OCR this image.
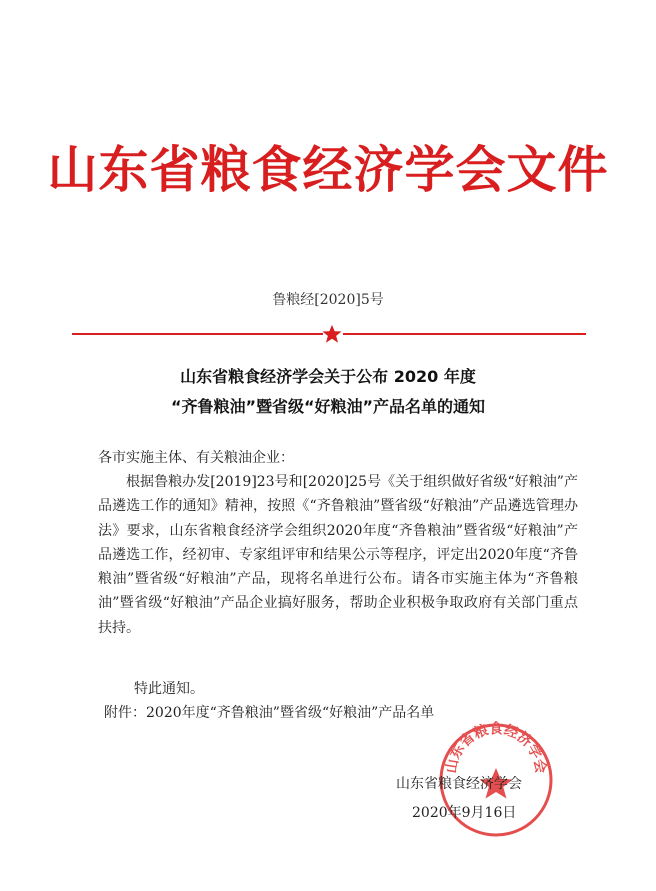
山东省粮食经济学会文件
鲁粮经[2020]5号
山东省粮食经济学会关于公布 2020 年度
“齐鲁粮油”暨省级“好粮油”产品名单的通知
各市实施主体、有关粮油企业：
根据鲁粮办发[2019]23号和[2020]25号《关于组织做好省级“好粮油”产品遴选工作的通知》精神，按照《“齐鲁粮油”暨省级“好粮油”产品遴选管理办法》要求，山东省粮食经济学会组织2020年度“齐鲁粮油”暨省级“好粮油”产品遴选工作，经初审、专家组评审和结果公示等程序，评定出2020年度“齐鲁粮油”暨省级“好粮油”产品，现将名单进行公布。请各市实施主体为“齐鲁粮油”暨省级“好粮油”产品企业搞好服务，帮助企业积极争取政府有关部门重点扶持。
特此通知。
附件：2020年度“齐鲁粮油”暨省级“好粮油”产品名单
山东省粮食经济学会
山东省粮食经济学会
2020年9月16日
